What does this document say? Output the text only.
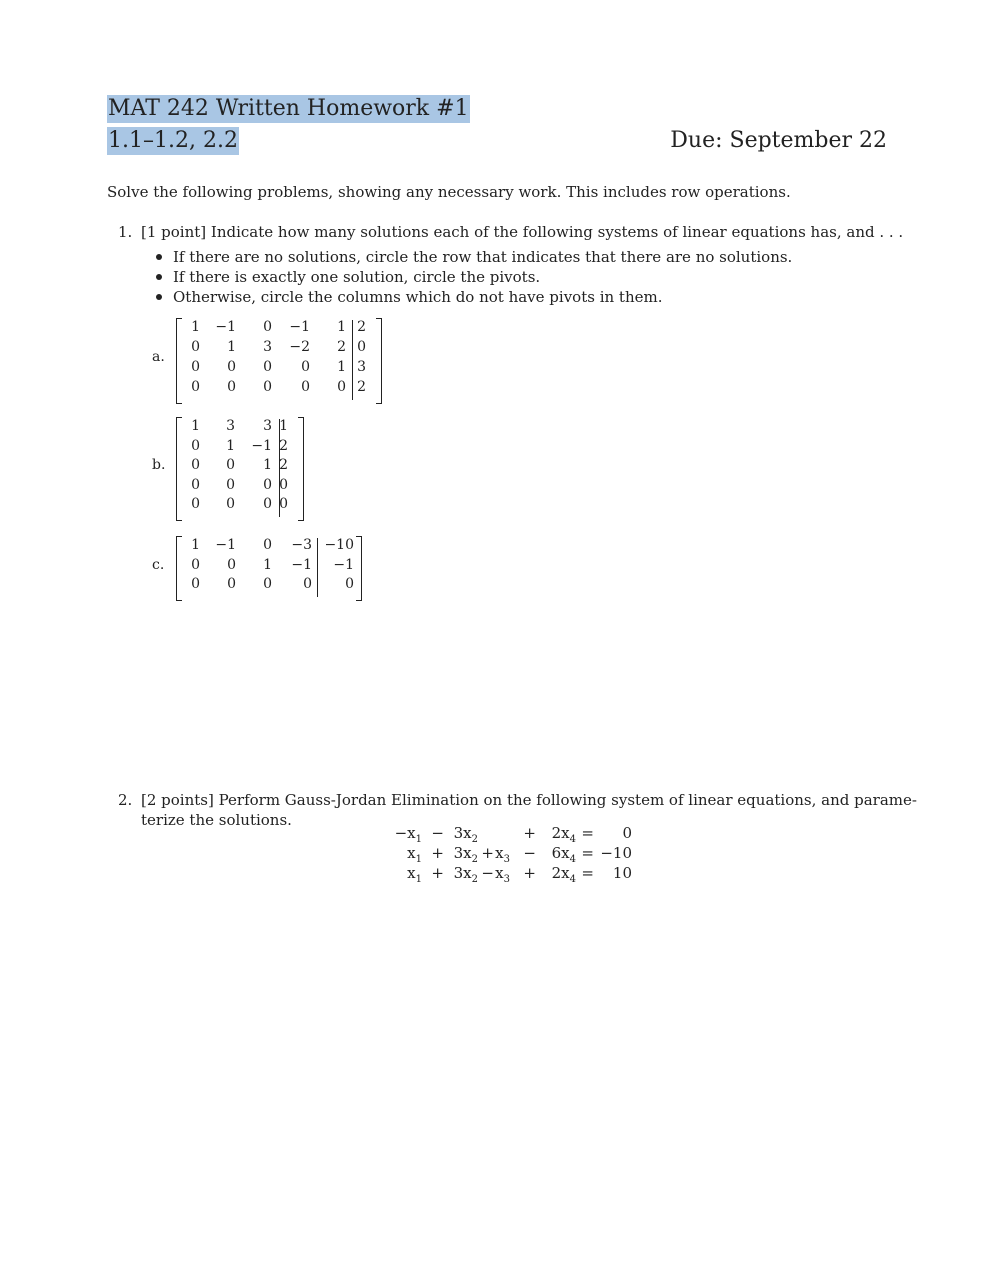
MAT 242 Written Homework #1
1.1–1.2, 2.2	Due: September 22
Solve the following problems, showing any necessary work. This includes row operations.
1. [1 point] Indicate how many solutions each of the following systems of linear equations has, and . . .
If there are no solutions, circle the row that indicates that there are no solutions.
If there is exactly one solution, circle the pivots.
Otherwise, circle the columns which do not have pivots in them.
a.
1 −1 0 −1 1 2
0 1 3 −2 2 0
0 0 0 0 1 3
0 0 0 0 0 2
b.
1 3 3 1
0 1 −1 2
0 0 1 2
0 0 0 0
0 0 0 0
c.
1 −1 0 −3 −10
0 0 1 −1 −1
0 0 0 0 0
2. [2 points] Perform Gauss-Jordan Elimination on the following system of linear equations, and parame-
terize the solutions.
$-x_1 - 3x_2$	+ $2x_4 = 0$
$x_1 + 3x_2 + x_3 - 6x_4 = -10$
$x_1 + 3x_2 - x_3 + 2x_4 = 10$
